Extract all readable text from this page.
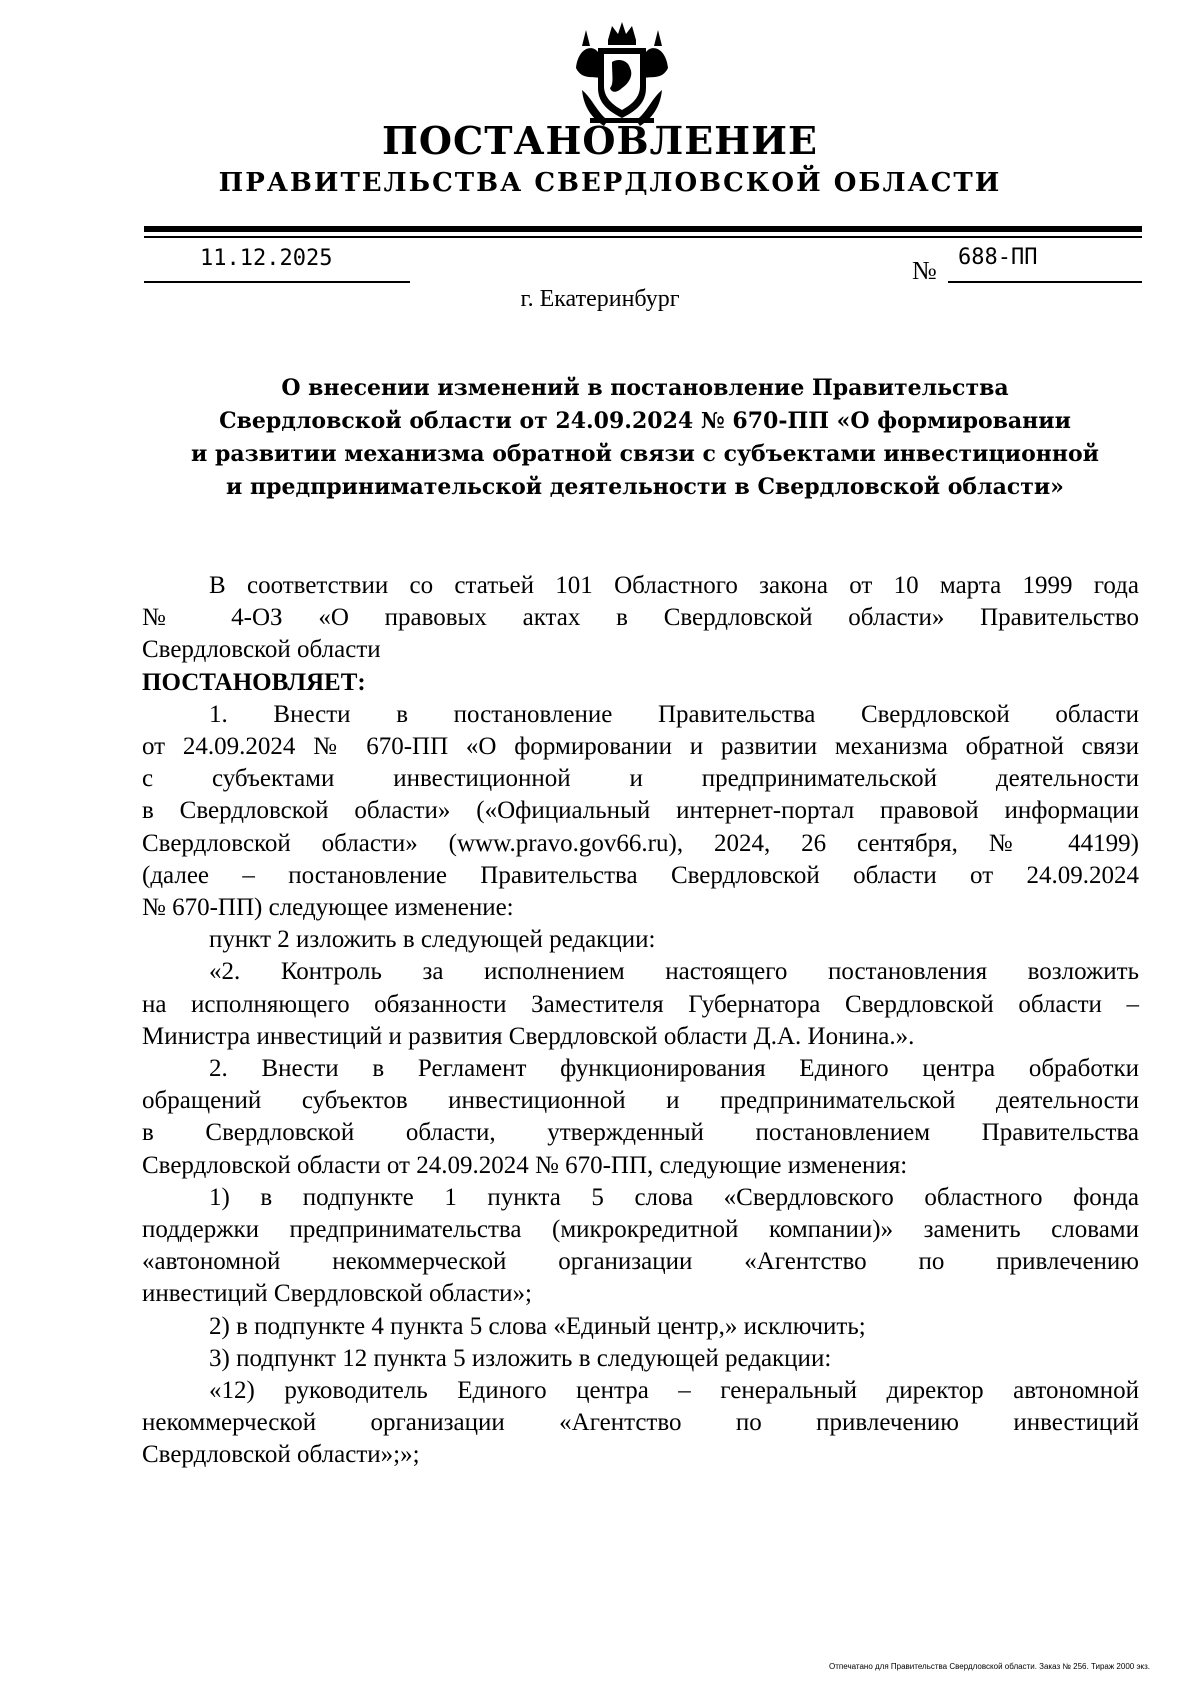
ПОСТАНОВЛЕНИЕ
ПРАВИТЕЛЬСТВА СВЕРДЛОВСКОЙ ОБЛАСТИ
11.12.2025	№ 688-ПП
г. Екатеринбург
О внесении изменений в постановление Правительства
Свердловской области от 24.09.2024 № 670-ПП «О формировании
и развитии механизма обратной связи с субъектами инвестиционной
и предпринимательской деятельности в Свердловской области»

В соответствии со статьей 101 Областного закона от 10 марта 1999 года

№ 4-ОЗ «О правовых актах в Свердловской области» Правительство

Свердловской области

ПОСТАНОВЛЯЕТ:

1. Внести в постановление Правительства Свердловской области

от 24.09.2024 № 670-ПП «О формировании и развитии механизма обратной связи

с субъектами инвестиционной и предпринимательской деятельности

в Свердловской области» («Официальный интернет-портал правовой информации

Свердловской области» (www.pravo.gov66.ru), 2024, 26 сентября, № 44199)

(далее – постановление Правительства Свердловской области от 24.09.2024

№ 670-ПП) следующее изменение:

пункт 2 изложить в следующей редакции:

«2. Контроль за исполнением настоящего постановления возложить

на исполняющего обязанности Заместителя Губернатора Свердловской области –

Министра инвестиций и развития Свердловской области Д.А. Ионина.».

2. Внести в Регламент функционирования Единого центра обработки

обращений субъектов инвестиционной и предпринимательской деятельности

в Свердловской области, утвержденный постановлением Правительства

Свердловской области от 24.09.2024 № 670-ПП, следующие изменения:

1) в подпункте 1 пункта 5 слова «Свердловского областного фонда

поддержки предпринимательства (микрокредитной компании)» заменить словами

«автономной некоммерческой организации «Агентство по привлечению

инвестиций Свердловской области»;

2) в подпункте 4 пункта 5 слова «Единый центр,» исключить;

3) подпункт 12 пункта 5 изложить в следующей редакции:

«12) руководитель Единого центра – генеральный директор автономной

некоммерческой организации «Агентство по привлечению инвестиций

Свердловской области»;»;

Отпечатано для Правительства Свердловской области. Заказ № 256. Тираж 2000 экз.
